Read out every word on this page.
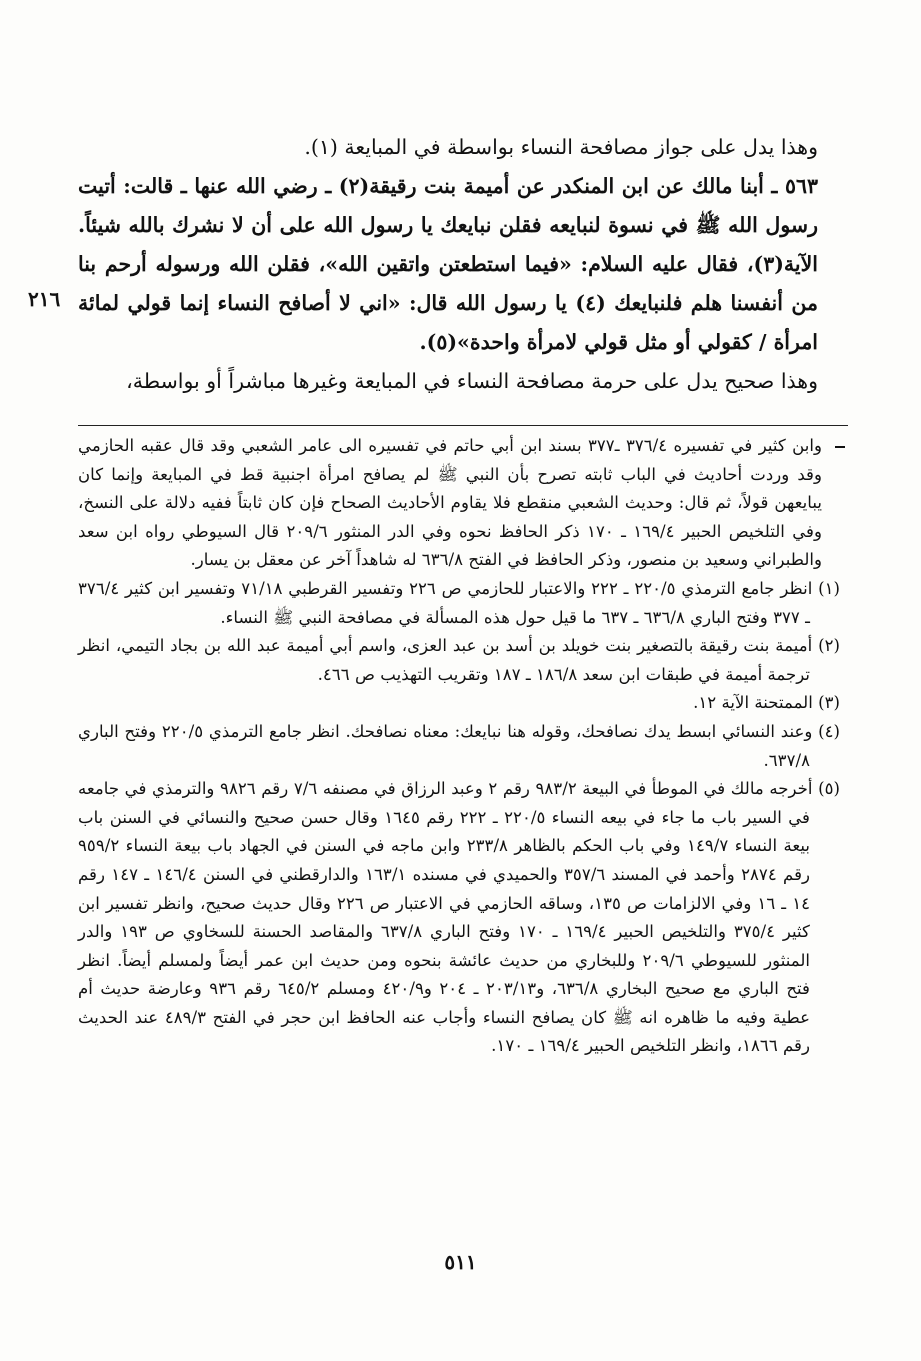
وهذا يدل على جواز مصافحة النساء بواسطة في المبايعة (١).

٥٦٣ ـ أبنا مالك عن ابن المنكدر عن أميمة بنت رقيقة(٢) ـ رضي الله عنها ـ قالت: أتيت رسول الله ﷺ في نسوة لنبايعه فقلن نبايعك يا رسول الله على أن لا نشرك بالله شيئاً. الآية(٣)، فقال عليه السلام: «فيما استطعتن واتقين الله»، فقلن الله ورسوله أرحم بنا من أنفسنا هلم فلنبايعك (٤) يا رسول الله قال: «اني لا أصافح النساء إنما قولي لمائة امرأة / كقولي أو مثل قولي لامرأة واحدة»(٥).

وهذا صحيح يدل على حرمة مصافحة النساء في المبايعة وغيرها مباشراً أو بواسطة،

٢١٦

وابن كثير في تفسيره ٣٧٦/٤ ـ٣٧٧ بسند ابن أبي حاتم في تفسيره الى عامر الشعبي وقد قال عقبه الحازمي وقد وردت أحاديث في الباب ثابته تصرح بأن النبي ﷺ لم يصافح امرأة اجنبية قط في المبايعة وإنما كان يبايعهن قولاً، ثم قال: وحديث الشعبي منقطع فلا يقاوم الأحاديث الصحاح فإن كان ثابتاً ففيه دلالة على النسخ، وفي التلخيص الحبير ١٦٩/٤ ـ ١٧٠ ذكر الحافظ نحوه وفي الدر المنثور ٢٠٩/٦ قال السيوطي رواه ابن سعد والطبراني وسعيد بن منصور، وذكر الحافظ في الفتح ٦٣٦/٨ له شاهداً آخر عن معقل بن يسار.

(١) انظر جامع الترمذي ٢٢٠/٥ ـ ٢٢٢ والاعتبار للحازمي ص ٢٢٦ وتفسير القرطبي ٧١/١٨ وتفسير ابن كثير ٣٧٦/٤ ـ ٣٧٧ وفتح الباري ٦٣٦/٨ ـ ٦٣٧ ما قيل حول هذه المسألة في مصافحة النبي ﷺ النساء.

(٢) أميمة بنت رقيقة بالتصغير بنت خويلد بن أسد بن عبد العزى، واسم أبي أميمة عبد الله بن بجاد التيمي، انظر ترجمة أميمة في طبقات ابن سعد ١٨٦/٨ ـ ١٨٧ وتقريب التهذيب ص ٤٦٦.

(٣) الممتحنة الآية ١٢.

(٤) وعند النسائي ابسط يدك نصافحك، وقوله هنا نبايعك: معناه نصافحك. انظر جامع الترمذي ٢٢٠/٥ وفتح الباري ٦٣٧/٨.

(٥) أخرجه مالك في الموطأ في البيعة ٩٨٣/٢ رقم ٢ وعبد الرزاق في مصنفه ٧/٦ رقم ٩٨٢٦ والترمذي في جامعه في السير باب ما جاء في بيعه النساء ٢٢٠/٥ ـ ٢٢٢ رقم ١٦٤٥ وقال حسن صحيح والنسائي في السنن باب بيعة النساء ١٤٩/٧ وفي باب الحكم بالظاهر ٢٣٣/٨ وابن ماجه في السنن في الجهاد باب بيعة النساء ٩٥٩/٢ رقم ٢٨٧٤ وأحمد في المسند ٣٥٧/٦ والحميدي في مسنده ١٦٣/١ والدارقطني في السنن ١٤٦/٤ ـ ١٤٧ رقم ١٤ ـ ١٦ وفي الالزامات ص ١٣٥، وساقه الحازمي في الاعتبار ص ٢٢٦ وقال حديث صحيح، وانظر تفسير ابن كثير ٣٧٥/٤ والتلخيص الحبير ١٦٩/٤ ـ ١٧٠ وفتح الباري ٦٣٧/٨ والمقاصد الحسنة للسخاوي ص ١٩٣ والدر المنثور للسيوطي ٢٠٩/٦ وللبخاري من حديث عائشة بنحوه ومن حديث ابن عمر أيضاً ولمسلم أيضاً. انظر فتح الباري مع صحيح البخاري ٦٣٦/٨، و٢٠٣/١٣ ـ ٢٠٤ و٤٢٠/٩ ومسلم ٦٤٥/٢ رقم ٩٣٦ وعارضة حديث أم عطية وفيه ما ظاهره انه ﷺ كان يصافح النساء وأجاب عنه الحافظ ابن حجر في الفتح ٤٨٩/٣ عند الحديث رقم ١٨٦٦، وانظر التلخيص الحبير ١٦٩/٤ ـ ١٧٠.

٥١١
